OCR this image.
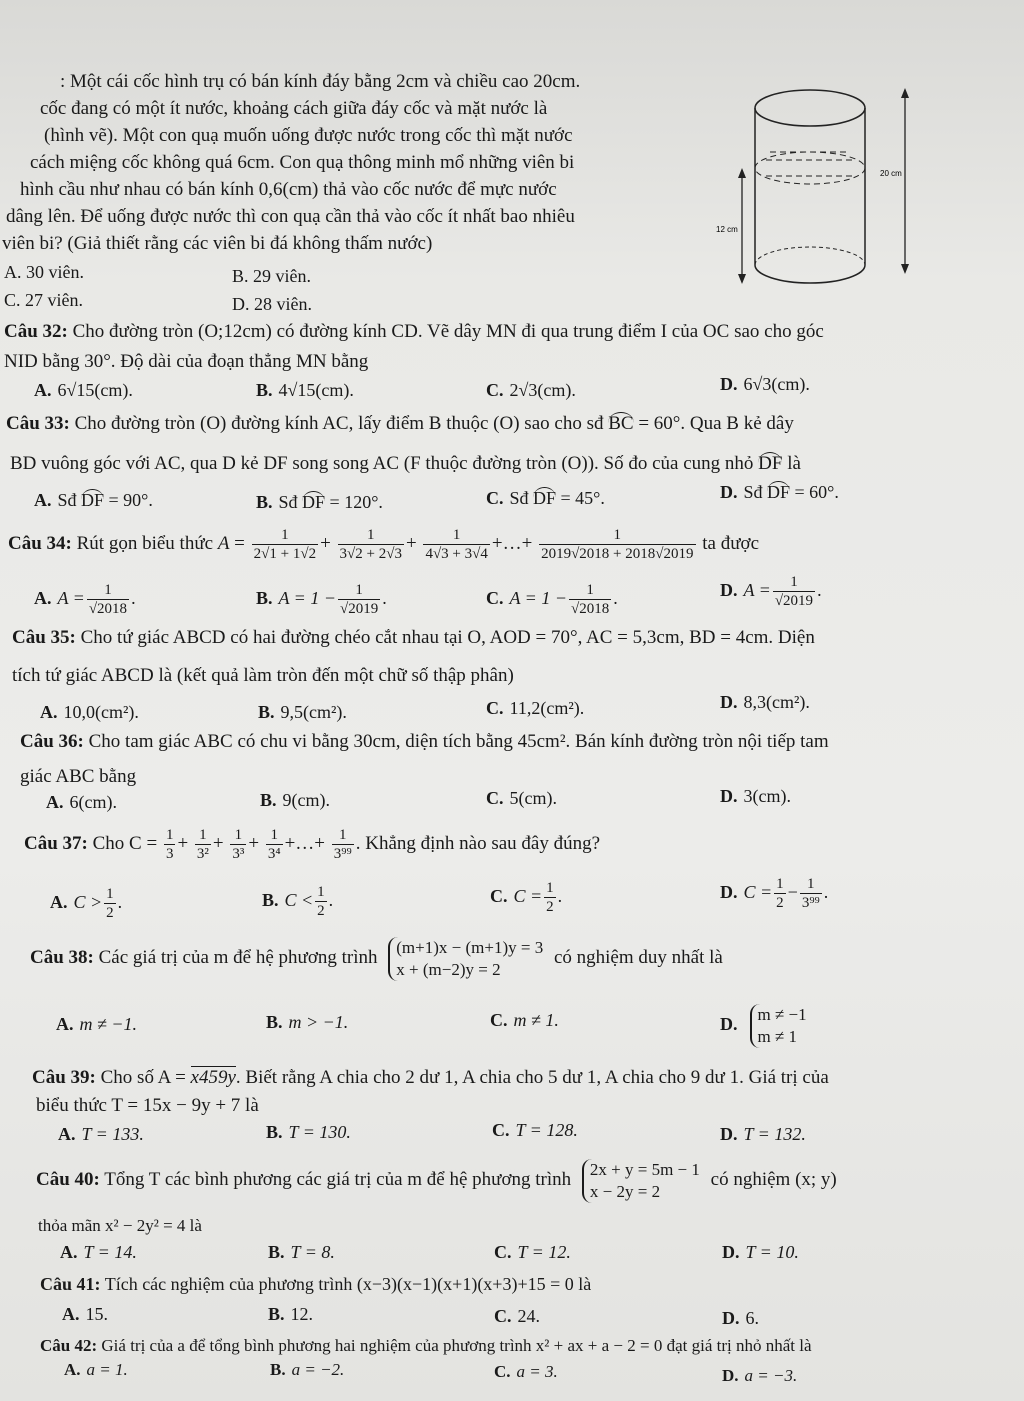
: Một cái cốc hình trụ có bán kính đáy bằng 2cm và chiều cao 20cm.
cốc đang có một ít nước, khoảng cách giữa đáy cốc và mặt nước là
(hình vẽ). Một con quạ muốn uống được nước trong cốc thì mặt nước
cách miệng cốc không quá 6cm. Con quạ thông minh mổ những viên bi
hình cầu như nhau có bán kính 0,6(cm) thả vào cốc nước để mực nước
dâng lên. Để uống được nước thì con quạ cần thả vào cốc ít nhất bao nhiêu
viên bi? (Giả thiết rằng các viên bi đá không thấm nước)
A. 30 viên.	B. 29 viên.
C. 27 viên.	D. 28 viên.
20 cm
12 cm
Câu 32: Cho đường tròn (O;12cm) có đường kính CD. Vẽ dây MN đi qua trung điểm I của OC sao cho góc
NID bằng 30°. Độ dài của đoạn thẳng MN bằng
A. 6√15(cm).	B. 4√15(cm).	C. 2√3(cm).	D. 6√3(cm).
Câu 33: Cho đường tròn (O) đường kính AC, lấy điểm B thuộc (O) sao cho sđ BC = 60°. Qua B kẻ dây
BD vuông góc với AC, qua D kẻ DF song song AC (F thuộc đường tròn (O)). Số đo của cung nhỏ DF là
A. Sđ DF = 90°.	B. Sđ DF = 120°.	C. Sđ DF = 45°.	D. Sđ DF = 60°.
Câu 34: Rút gọn biểu thức $A = \frac{1}{2√1 + 1√2} + \frac{1}{3√2 + 2√3} + \frac{1}{4√3 + 3√4}$ +…+ $\frac{1}{2019√2018 + 2018√2019}$ ta được
A. $A = \frac{1}{√2018}$ .	B. $A = 1 - \frac{1}{√2019}$ .	C. $A = 1 - \frac{1}{√2018}$ .	D. $A = \frac{1}{√2019}$ .
Câu 35: Cho tứ giác ABCD có hai đường chéo cắt nhau tại O, AOD = 70°, AC = 5,3cm, BD = 4cm. Diện
tích tứ giác ABCD là (kết quả làm tròn đến một chữ số thập phân)
A. 10,0(cm²).	B. 9,5(cm²).	C. 11,2(cm²).	D. 8,3(cm²).
Câu 36: Cho tam giác ABC có chu vi bằng 30cm, diện tích bằng 45cm². Bán kính đường tròn nội tiếp tam
giác ABC bằng
A. 6(cm).	B. 9(cm).	C. 5(cm).	D. 3(cm).
Câu 37: Cho $C = \frac{1}{3} + \frac{1}{\text{3²}} + \frac{1}{\text{3³}} + \frac{1}{\text{3⁴}}$ +…+ $\frac{1}{\text{3⁹⁹}}$ . Khẳng định nào sau đây đúng?
A. $C > \frac{1}{2}$ .	B. $C < \frac{1}{2}$ .	C. $C = \frac{1}{2}$ .	D. $C = \frac{1}{2} - \frac{1}{\text{3⁹⁹}}$ .
Câu 38: Các giá trị của m để hệ phương trình (m+1)x − (m+1)y = 3
x + (m−2)y = 2
có nghiệm duy nhất là
A. m ≠ −1.	B. m > −1.	C. m ≠ 1.	D. m ≠ −1
m ≠ 1
Câu 39: Cho số A = x459y. Biết rằng A chia cho 2 dư 1, A chia cho 5 dư 1, A chia cho 9 dư 1. Giá trị của
biểu thức T = 15x − 9y + 7 là
A. T = 133.	B. T = 130.	C. T = 128.	D. T = 132.
Câu 40: Tổng T các bình phương các giá trị của m để hệ phương trình 2x + y = 5m − 1
x − 2y = 2
có nghiệm (x; y)
thỏa mãn x² − 2y² = 4 là
A. T = 14.	B. T = 8.	C. T = 12.	D. T = 10.
Câu 41: Tích các nghiệm của phương trình (x−3)(x−1)(x+1)(x+3)+15 = 0 là
A. 15.	B. 12.	C. 24.	D. 6.
Câu 42: Giá trị của a để tổng bình phương hai nghiệm của phương trình x² + ax + a − 2 = 0 đạt giá trị nhỏ nhất là
A. a = 1.	B. a = −2.	C. a = 3.	D. a = −3.
